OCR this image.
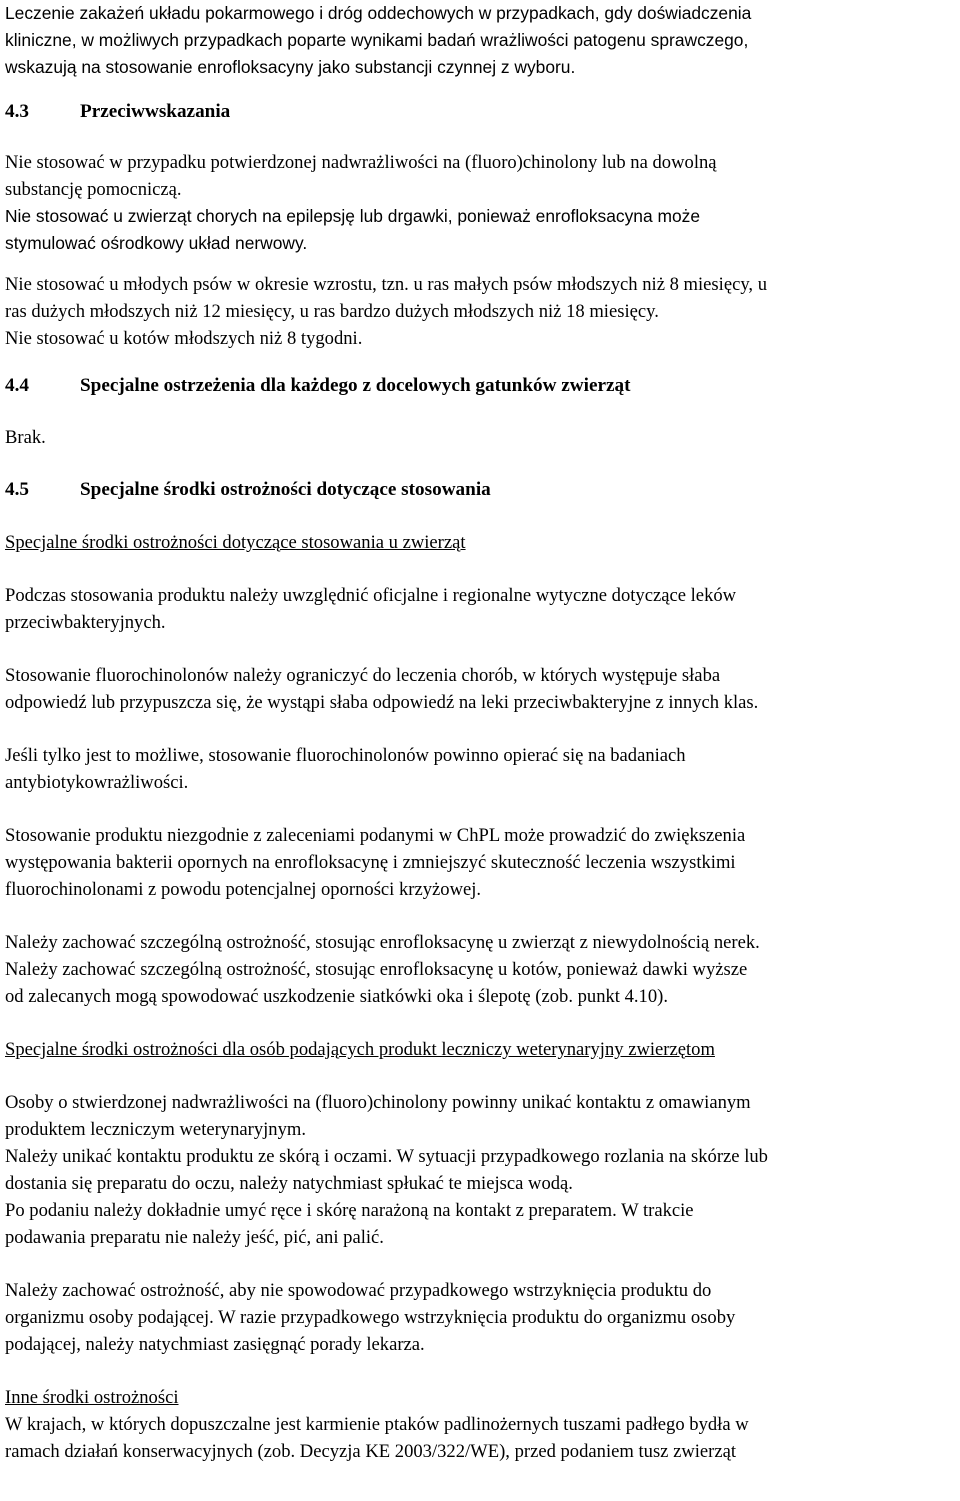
Leczenie zakażeń układu pokarmowego i dróg oddechowych w przypadkach, gdy doświadczenia
kliniczne, w możliwych przypadkach poparte wynikami badań wrażliwości patogenu sprawczego,
wskazują na stosowanie enrofloksacyny jako substancji czynnej z wyboru.
4.3	Przeciwwskazania
Nie stosować w przypadku potwierdzonej nadwrażliwości na (fluoro)chinolony lub na dowolną
substancję pomocniczą.
Nie stosować u zwierząt chorych na epilepsję lub drgawki, ponieważ enrofloksacyna może
stymulować ośrodkowy układ nerwowy.
Nie stosować u młodych psów w okresie wzrostu, tzn. u ras małych psów młodszych niż 8 miesięcy, u
ras dużych młodszych niż 12 miesięcy, u ras bardzo dużych młodszych niż 18 miesięcy.
Nie stosować u kotów młodszych niż 8 tygodni.
4.4	Specjalne ostrzeżenia dla każdego z docelowych gatunków zwierząt
Brak.
4.5	Specjalne środki ostrożności dotyczące stosowania
Specjalne środki ostrożności dotyczące stosowania u zwierząt
Podczas stosowania produktu należy uwzględnić oficjalne i regionalne wytyczne dotyczące leków
przeciwbakteryjnych.
Stosowanie fluorochinolonów należy ograniczyć do leczenia chorób, w których występuje słaba
odpowiedź lub przypuszcza się, że wystąpi słaba odpowiedź na leki przeciwbakteryjne z innych klas.
Jeśli tylko jest to możliwe, stosowanie fluorochinolonów powinno opierać się na badaniach
antybiotykowrażliwości.
Stosowanie produktu niezgodnie z zaleceniami podanymi w ChPL może prowadzić do zwiększenia
występowania bakterii opornych na enrofloksacynę i zmniejszyć skuteczność leczenia wszystkimi
fluorochinolonami z powodu potencjalnej oporności krzyżowej.
Należy zachować szczególną ostrożność, stosując enrofloksacynę u zwierząt z niewydolnością nerek.
Należy zachować szczególną ostrożność, stosując enrofloksacynę u kotów, ponieważ dawki wyższe
od zalecanych mogą spowodować uszkodzenie siatkówki oka i ślepotę (zob. punkt 4.10).
Specjalne środki ostrożności dla osób podających produkt leczniczy weterynaryjny zwierzętom
Osoby o stwierdzonej nadwrażliwości na (fluoro)chinolony powinny unikać kontaktu z omawianym
produktem leczniczym weterynaryjnym.
Należy unikać kontaktu produktu ze skórą i oczami. W sytuacji przypadkowego rozlania na skórze lub
dostania się preparatu do oczu, należy natychmiast spłukać te miejsca wodą.
Po podaniu należy dokładnie umyć ręce i skórę narażoną na kontakt z preparatem. W trakcie
podawania preparatu nie należy jeść, pić, ani palić.
Należy zachować ostrożność, aby nie spowodować przypadkowego wstrzyknięcia produktu do
organizmu osoby podającej. W razie przypadkowego wstrzyknięcia produktu do organizmu osoby
podającej, należy natychmiast zasięgnąć porady lekarza.
Inne środki ostrożności
W krajach, w których dopuszczalne jest karmienie ptaków padlinożernych tuszami padłego bydła w
ramach działań konserwacyjnych (zob. Decyzja KE 2003/322/WE), przed podaniem tusz zwierząt
